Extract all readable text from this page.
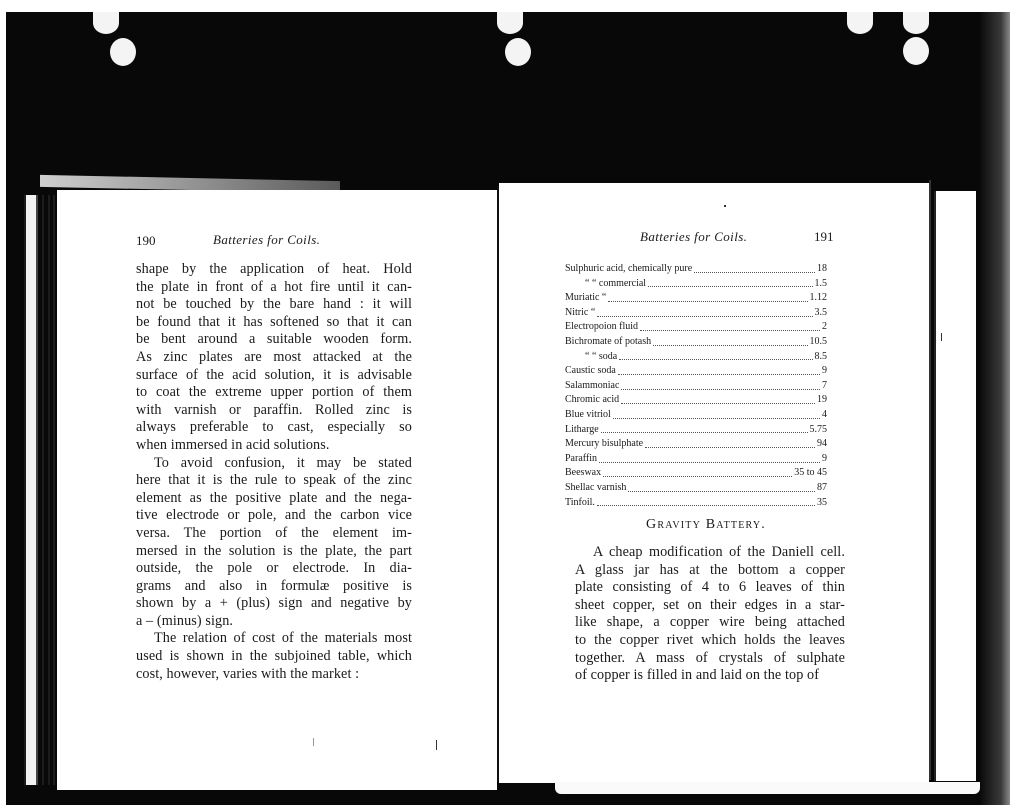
190	Batteries for Coils.

shape by the application of heat. Hold
the plate in front of a hot fire until it can-
not be touched by the bare hand : it will
be found that it has softened so that it can
be bent around a suitable wooden form.
As zinc plates are most attacked at the
surface of the acid solution, it is advisable
to coat the extreme upper portion of them
with varnish or paraffin. Rolled zinc is
always preferable to cast, especially so
when immersed in acid solutions.

To avoid confusion, it may be stated
here that it is the rule to speak of the zinc
element as the positive plate and the nega-
tive electrode or pole, and the carbon vice
versa. The portion of the element im-
mersed in the solution is the plate, the part
outside, the pole or electrode. In dia-
grams and also in formulæ positive is
shown by a + (plus) sign and negative by
a – (minus) sign.

The relation of cost of the materials most
used is shown in the subjoined table, which
cost, however, varies with the market :

Batteries for Coils.	191
Sulphuric acid, chemically pure	18
“ “ commercial	1.5
Muriatic “	1.12
Nitric “	3.5
Electropoion fluid	2
Bichromate of potash	10.5
“ “ soda	8.5
Caustic soda	9
Salammoniac	7
Chromic acid	19
Blue vitriol	4
Litharge	5.75
Mercury bisulphate	94
Paraffin	9
Beeswax	35 to 45
Shellac varnish	87
Tinfoil.	35
Gravity Battery.

A cheap modification of the Daniell cell.
A glass jar has at the bottom a copper
plate consisting of 4 to 6 leaves of thin
sheet copper, set on their edges in a star-
like shape, a copper wire being attached
to the copper rivet which holds the leaves
together. A mass of crystals of sulphate
of copper is filled in and laid on the top of
